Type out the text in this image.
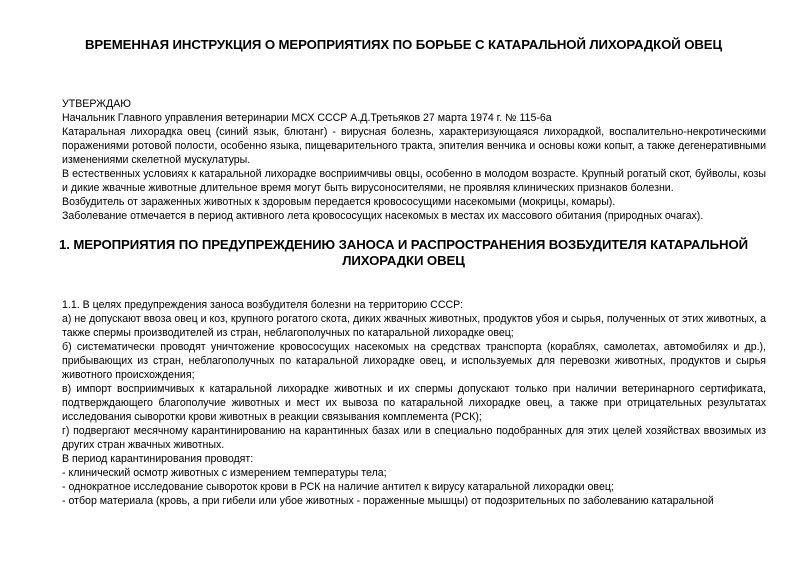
ВРЕМЕННАЯ ИНСТРУКЦИЯ О МЕРОПРИЯТИЯХ ПО БОРЬБЕ С КАТАРАЛЬНОЙ ЛИХОРАДКОЙ ОВЕЦ

УТВЕРЖДАЮ

Начальник Главного управления ветеринарии МСХ СССР А.Д.Третьяков 27 марта 1974 г. № 115-6а

Катаральная лихорадка овец (синий язык, блютанг) - вирусная болезнь, характеризующаяся лихорадкой, воспалительно-некротическими поражениями ротовой полости, особенно языка, пищеварительного тракта, эпителия венчика и основы кожи копыт, а также дегенеративными изменениями скелетной мускулатуры.

В естественных условиях к катаральной лихорадке восприимчивы овцы, особенно в молодом возрасте. Крупный рогатый скот, буйволы, козы и дикие жвачные животные длительное время могут быть вирусоносителями, не проявляя клинических признаков болезни.

Возбудитель от зараженных животных к здоровым передается кровососущими насекомыми (мокрицы, комары).

Заболевание отмечается в период активного лета кровососущих насекомых в местах их массового обитания (природных очагах).

1. МЕРОПРИЯТИЯ ПО ПРЕДУПРЕЖДЕНИЮ ЗАНОСА И РАСПРОСТРАНЕНИЯ ВОЗБУДИТЕЛЯ КАТАРАЛЬНОЙ
ЛИХОРАДКИ ОВЕЦ

1.1. В целях предупреждения заноса возбудителя болезни на территорию СССР:

а) не допускают ввоза овец и коз, крупного рогатого скота, диких жвачных животных, продуктов убоя и сырья, полученных от этих животных, а также спермы производителей из стран, неблагополучных по катаральной лихорадке овец;

б) систематически проводят уничтожение кровососущих насекомых на средствах транспорта (кораблях, самолетах, автомобилях и др.), прибывающих из стран, неблагополучных по катаральной лихорадке овец, и используемых для перевозки животных, продуктов и сырья животного происхождения;

в) импорт восприимчивых к катаральной лихорадке животных и их спермы допускают только при наличии ветеринарного сертификата, подтверждающего благополучие животных и мест их вывоза по катаральной лихорадке овец, а также при отрицательных результатах исследования сыворотки крови животных в реакции связывания комплемента (РСК);

г) подвергают месячному карантинированию на карантинных базах или в специально подобранных для этих целей хозяйствах ввозимых из других стран жвачных животных.

В период карантинирования проводят:

- клинический осмотр животных с измерением температуры тела;

- однократное исследование сывороток крови в РСК на наличие антител к вирусу катаральной лихорадки овец;

- отбор материала (кровь, а при гибели или убое животных - пораженные мышцы) от подозрительных по заболеванию катаральной
